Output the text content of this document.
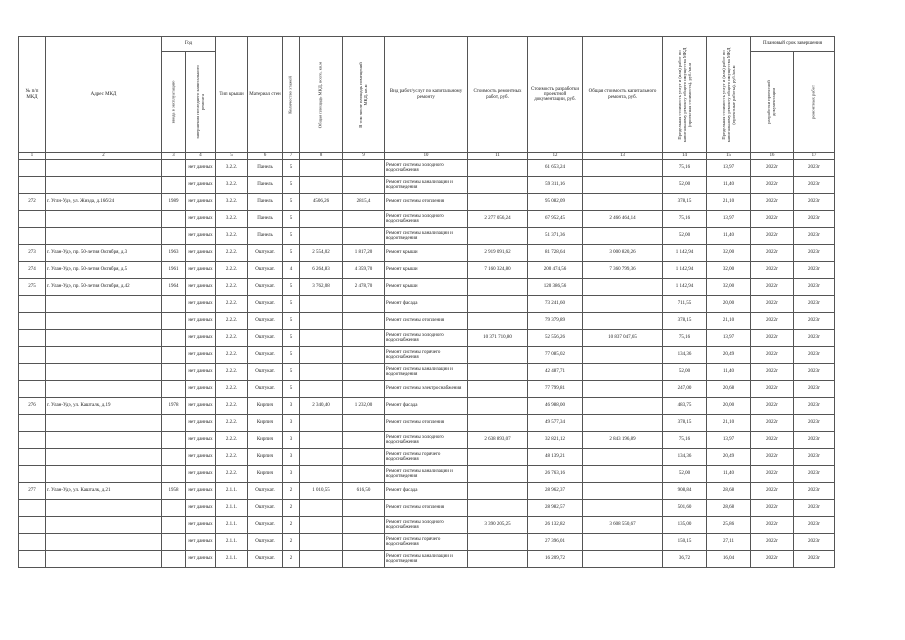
№ п/п МКД	Адрес МКД	Год		Тип крыши	Материал стен	Количество этажей	Общая площадь МКД, всего, кв.м	В том числе площадь помещений МКД, кв.м	Вид работ/услуг по капитальному ремонту	Стоимость ремонтных работ, руб.	Стоимость разработки проектной документации, руб.	Общая стоимость капитального ремонта, руб.	Предельная стоимость услуг и (или) работ по капитальному ремонту общего имущества МКД (проектная стоимость), руб./кв.м	Предельная стоимость услуг и (или) работ по капитальному ремонту общего имущества МКД (проектные работы), руб./кв.м	Плановый срок завершения	

		ввода в эксплуатацию	завершения последнего капитального ремонта												разработки проектной документации	ремонтных работ

1	2	3	4	5	6	7	8	9	10	11	12	13	14	15	16	17
			нет данных	3.2.2.	Панель	5			Ремонт системы холодного водоснабжения		61 653,24		75,16	13,97	2022г	2023г
			нет данных	3.2.2.	Панель	5			Ремонт системы канализации и водоотведения		59 311,16		52,00	11,40	2022г	2023г
272	г. Углн-Удэ, ул. Жиэда, д.16б/24	1989	нет данных	3.2.2.	Панель	5	4506,26	2815,4	Ремонт системы отопления		95 082,09		378,15	21,10	2022г	2023г
			нет данных	3.2.2.	Панель	5			Ремонт системы холодного водоснабжения	2 277 056,24	67 952,45	2 466 464,14	75,16	13,97	2022г	2023г
			нет данных	3.2.2.	Панель	5			Ремонт системы канализации и водоотведения		51 371,36		52,00	11,40	2022г	2023г
273	г. Улан-Удэ, пр. 50-летия Октября, д.3	1963	нет данных	2.2.2.	Оштукат.	5	2 554,02	1 817,20	Ремонт крыши	2 919 091,62	81 728,64	3 000 820,26	1 142,94	32,00	2022г	2023г
274	г. Улан-Удэ, пр. 50-летия Октября, д.5	1961	нет данных	2.2.2.	Оштукат.	4	6 264,83	4 359,70	Ремонт крыши	7 160 324,80	200 474,56	7 360 799,36	1 142,94	32,00	2022г	2023г
275	г. Улан-Удэ, пр. 50-летия Октября, д.42	1964	нет данных	2.2.2.	Оштукат.	5	3 762,08	2 478,70	Ремонт крыши		120 386,56		1 142,94	32,00	2022г	2023г
			нет данных	2.2.2.	Оштукат.	5			Ремонт фасада		73 241,60		711,55	20,00	2022г	2023г
			нет данных	2.2.2.	Оштукат.	5			Ремонт системы отопления		79 379,89		378,15	21,10	2022г	2023г
			нет данных	2.2.2.	Оштукат.	5			Ремонт системы холодного водоснабжения	10 371 710,80	52 556,26	10 837 047,65	75,16	13,97	2022г	2023г
			нет данных	2.2.2.	Оштукат.	5			Ремонт системы горячего водоснабжения		77 085,02		134,36	20,49	2022г	2023г
			нет данных	2.2.2.	Оштукат.	5			Ремонт системы канализации и водоотведения		42 487,71		52,00	11,40	2022г	2023г
			нет данных	2.2.2.	Оштукат.	5			Ремонт системы электроснабжения		77 799,81		247,00	20,68	2022г	2023г
276	г. Улан-Удэ, ул. Кашталк, д.19	1978	нет данных	2.2.2.	Кирпич	3	2 340,40	1 232,00	Ремонт фасада		46 988,00		483,75	20,00	2022г	2023г
			нет данных	2.2.2.	Кирпич	3			Ремонт системы отопления		49 577,34		378,15	21,10	2022г	2023г
			нет данных	2.2.2.	Кирпич	3			Ремонт системы холодного водоснабжения	2 638 893,07	32 821,12	2 843 196,89	75,16	13,97	2022г	2023г
			нет данных	2.2.2.	Кирпич	3			Ремонт системы горячего водоснабжения		48 139,21		134,36	20,49	2022г	2023г
			нет данных	2.2.2.	Кирпич	3			Ремонт системы канализации и водоотведения		26 763,16		52,00	11,40	2022г	2023г
277	г. Улан-Удэ, ул. Кашталк, д.21	1958	нет данных	2.1.1.	Оштукат.	2	1 010,55	616,50	Ремонт фасада		28 962,37		908,84	28,68	2022г	2023г
			нет данных	2.1.1.	Оштукат.	2			Ремонт системы отопления		28 982,57		501,60	28,68	2022г	2023г
			нет данных	2.1.1.	Оштукат.	2			Ремонт системы холодного водоснабжения	3 390 205,25	26 132,82	3 608 550,67	135,00	25,86	2022г	2023г
			нет данных	2.1.1.	Оштукат.	2			Ремонт системы горячего водоснабжения		27 396,01		150,15	27,11	2022г	2023г
			нет данных	2.1.1.	Оштукат.	2			Ремонт системы канализации и водоотведения		16 209,72		36,72	16,04	2022г	2023г
